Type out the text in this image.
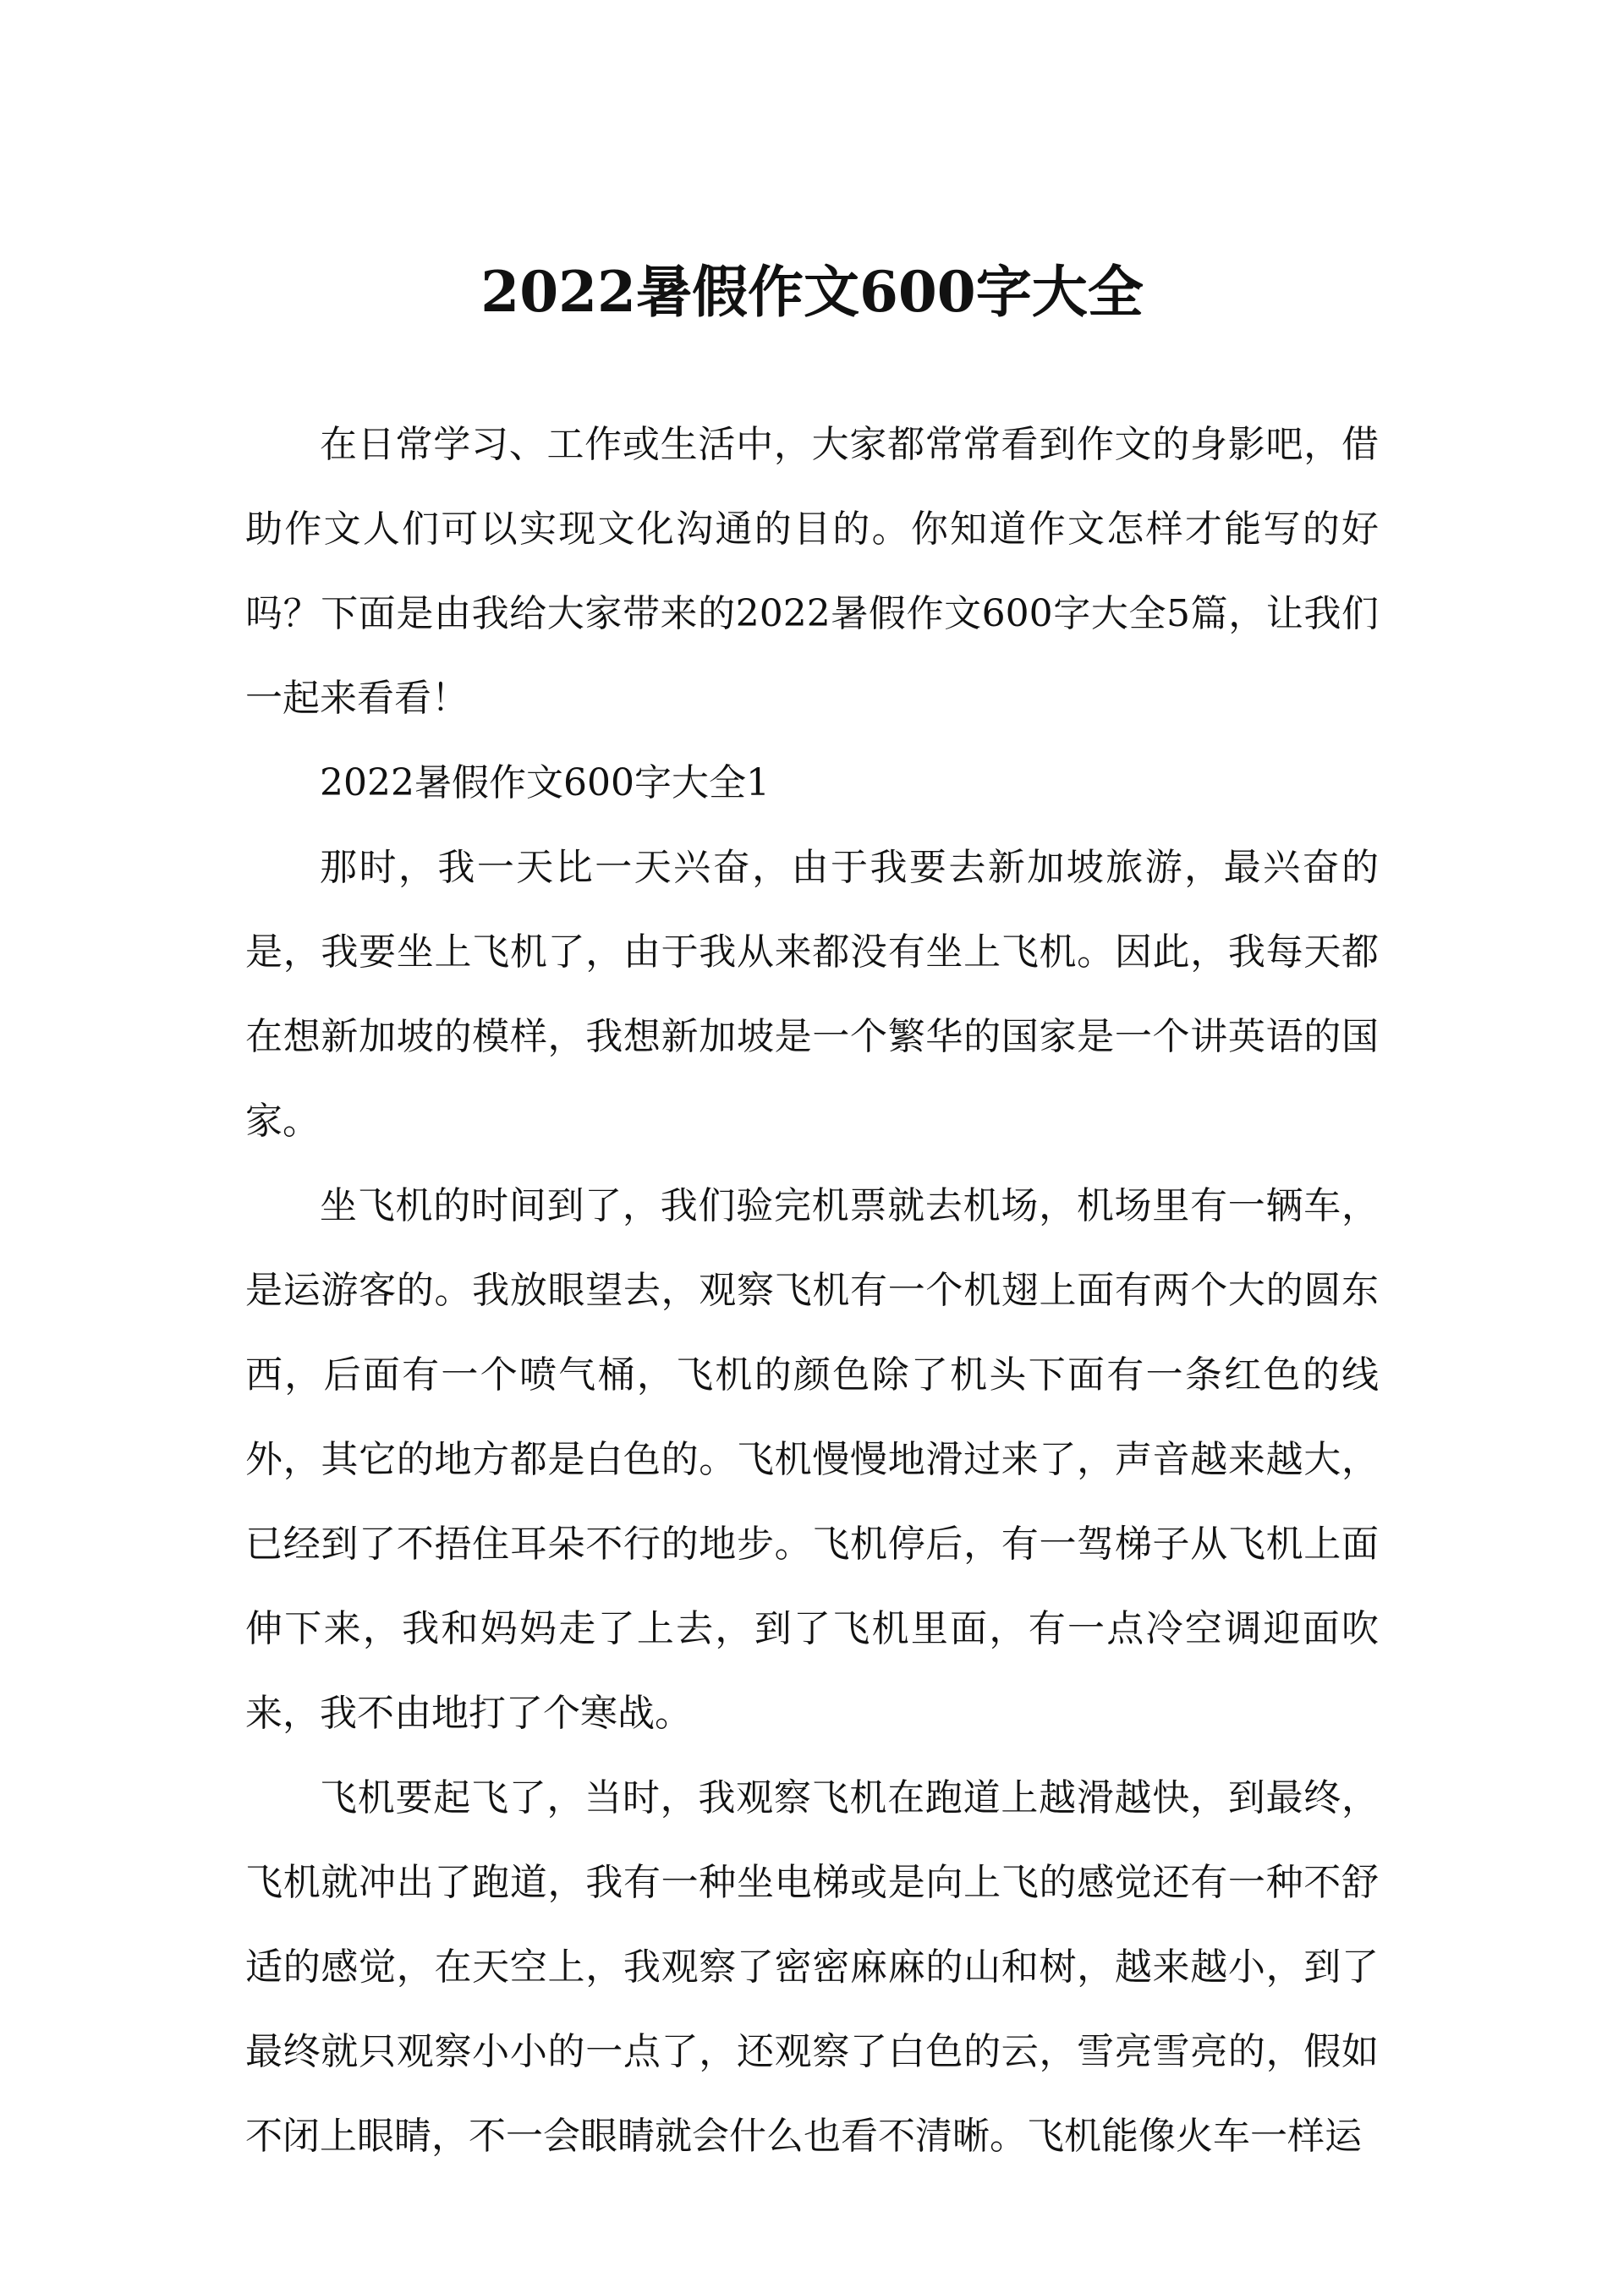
2022暑假作文600字大全

在日常学习、工作或生活中，大家都常常看到作文的身影吧，借助作文人们可以实现文化沟通的目的。你知道作文怎样才能写的好吗？下面是由我给大家带来的2022暑假作文600字大全5篇，让我们一起来看看！

2022暑假作文600字大全1

那时，我一天比一天兴奋，由于我要去新加坡旅游，最兴奋的是，我要坐上飞机了，由于我从来都没有坐上飞机。因此，我每天都在想新加坡的模样，我想新加坡是一个繁华的国家是一个讲英语的国家。

坐飞机的时间到了，我们验完机票就去机场，机场里有一辆车，是运游客的。我放眼望去，观察飞机有一个机翅上面有两个大的圆东西，后面有一个喷气桶，飞机的颜色除了机头下面有一条红色的线外，其它的地方都是白色的。飞机慢慢地滑过来了，声音越来越大，已经到了不捂住耳朵不行的地步。飞机停后，有一驾梯子从飞机上面伸下来，我和妈妈走了上去，到了飞机里面，有一点冷空调迎面吹来，我不由地打了个寒战。

飞机要起飞了，当时，我观察飞机在跑道上越滑越快，到最终，飞机就冲出了跑道，我有一种坐电梯或是向上飞的感觉还有一种不舒适的感觉，在天空上，我观察了密密麻麻的山和树，越来越小，到了最终就只观察小小的一点了，还观察了白色的云，雪亮雪亮的，假如不闭上眼睛，不一会眼睛就会什么也看不清晰。飞机能像火车一样运
